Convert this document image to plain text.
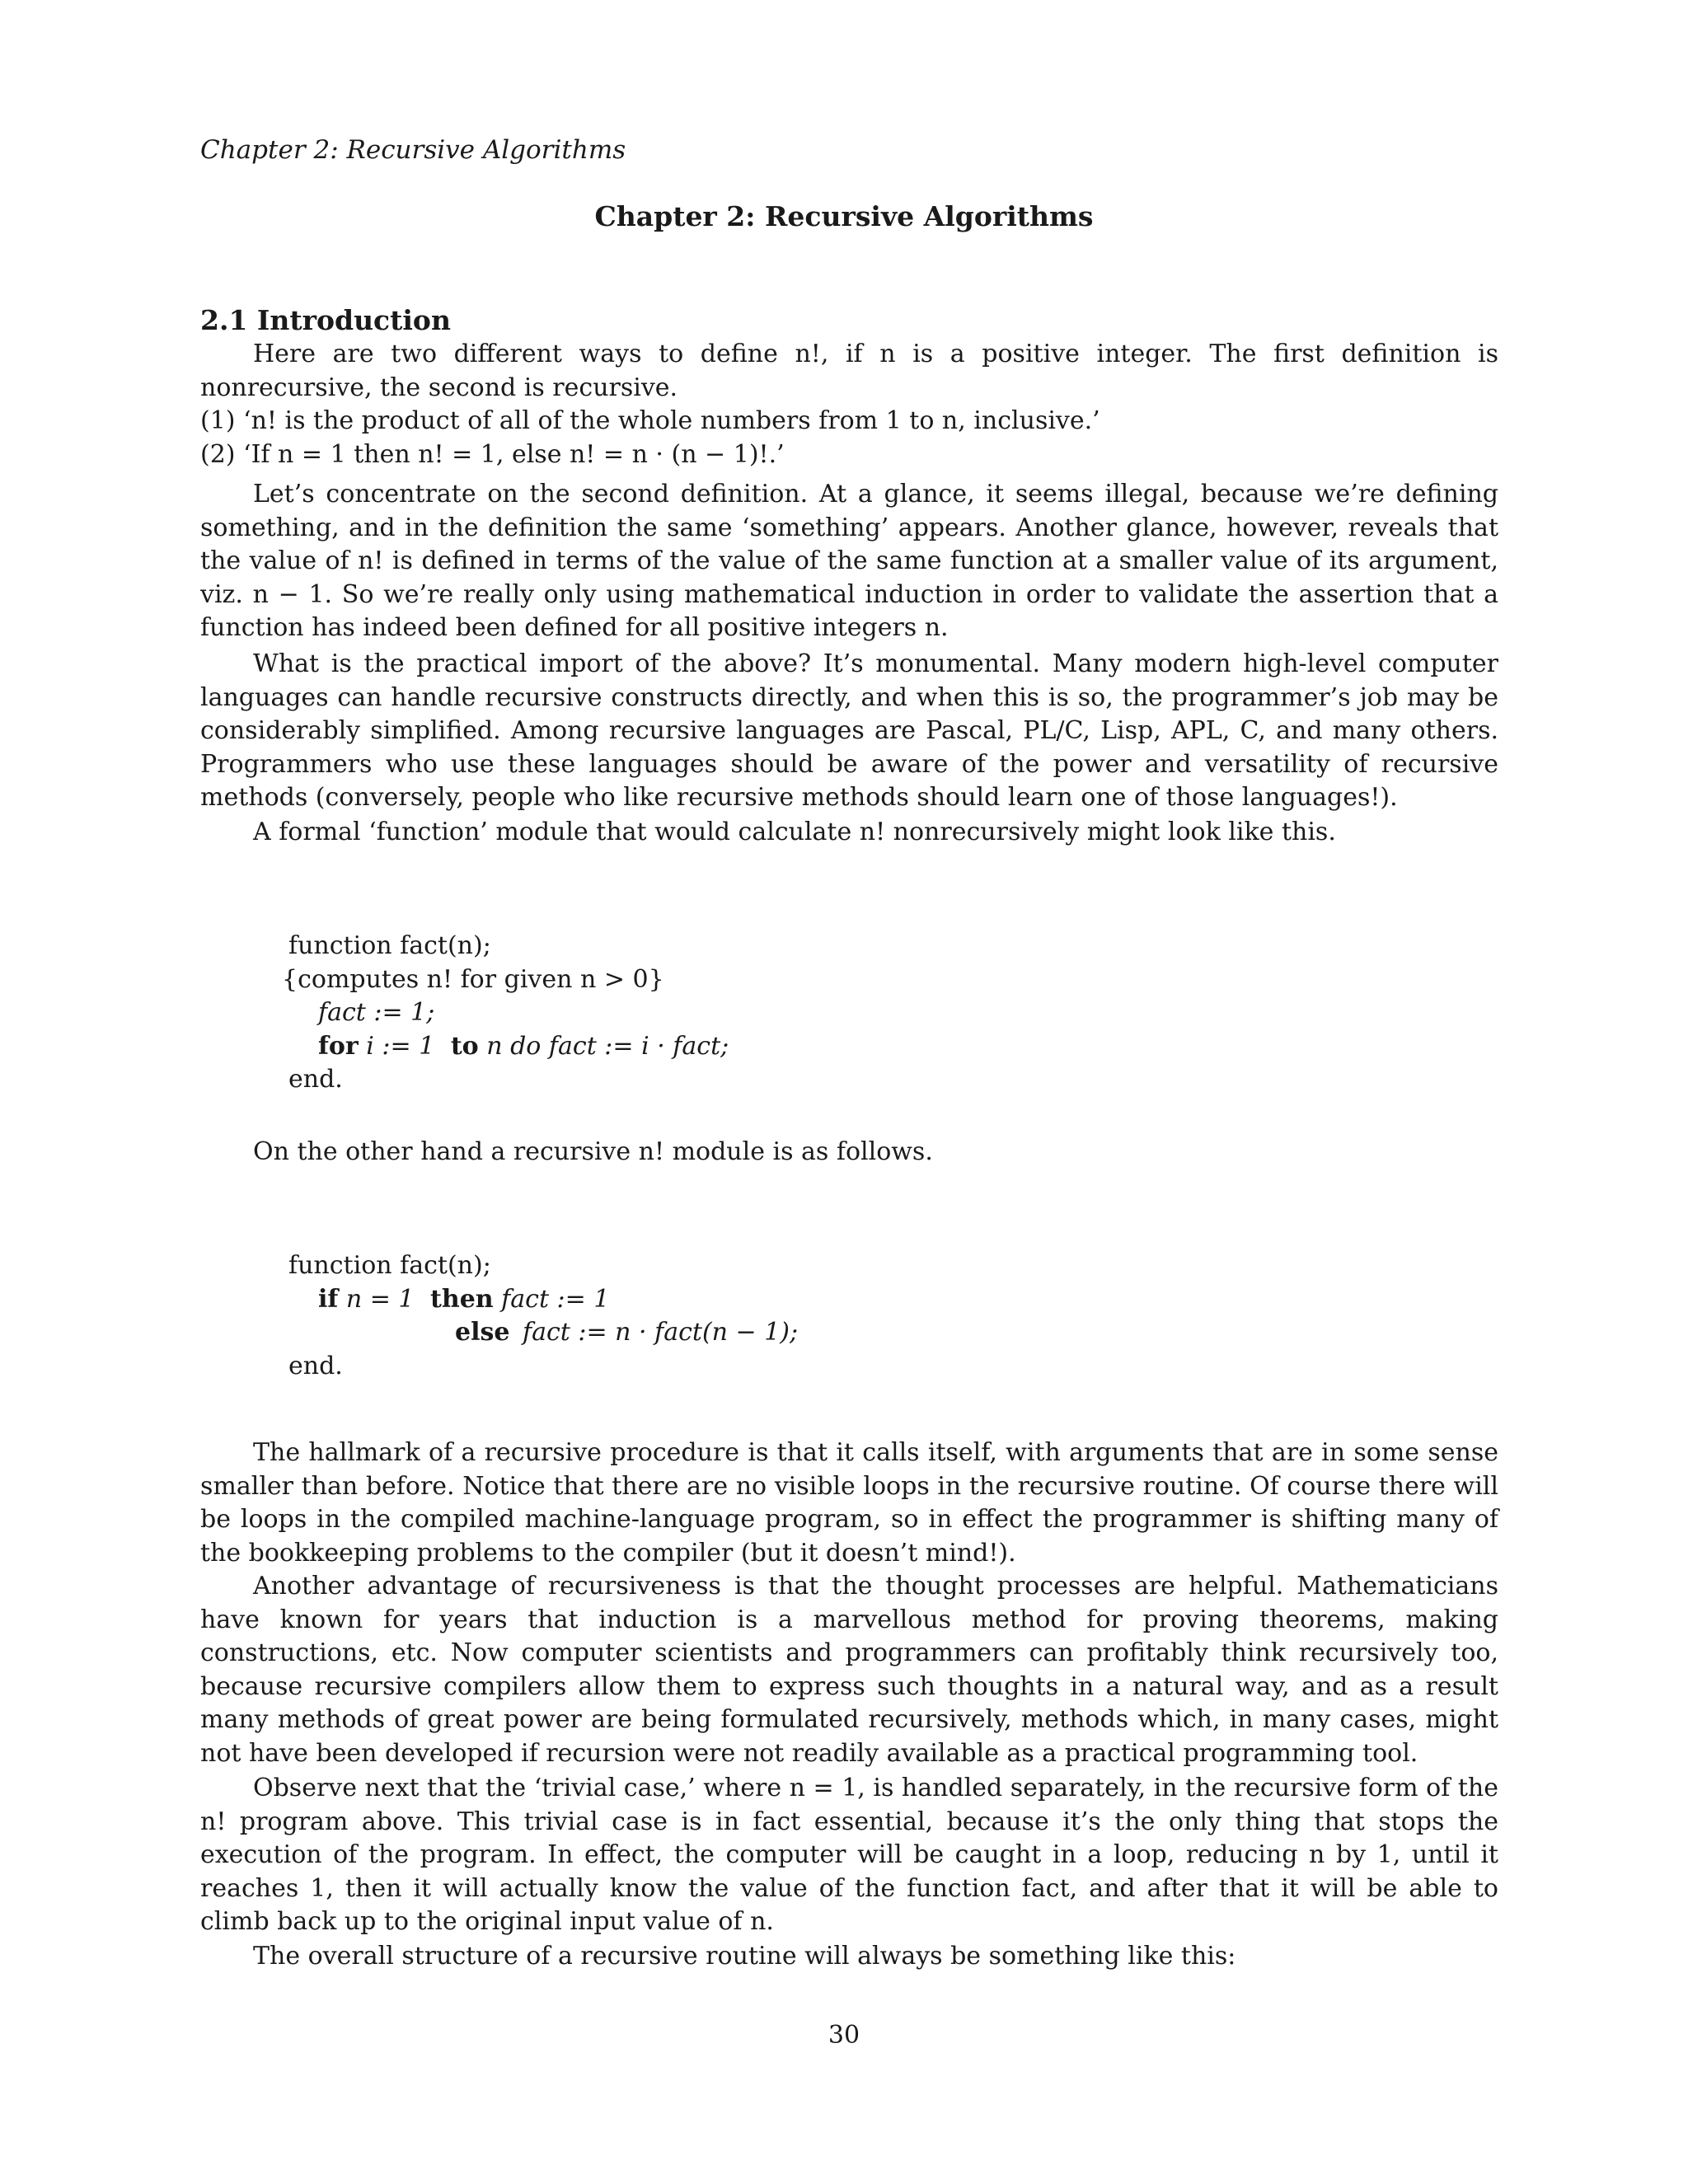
Chapter 2: Recursive Algorithms
Chapter 2: Recursive Algorithms
2.1 Introduction
Here are two different ways to define n!, if n is a positive integer. The first definition is nonrecursive, the second is recursive.
(1) ‘n! is the product of all of the whole numbers from 1 to n, inclusive.’
(2) ‘If n = 1 then n! = 1, else n! = n · (n − 1)!.’
Let’s concentrate on the second definition. At a glance, it seems illegal, because we’re defining something, and in the definition the same ‘something’ appears. Another glance, however, reveals that the value of n! is defined in terms of the value of the same function at a smaller value of its argument, viz. n − 1. So we’re really only using mathematical induction in order to validate the assertion that a function has indeed been defined for all positive integers n.
What is the practical import of the above? It’s monumental. Many modern high-level computer languages can handle recursive constructs directly, and when this is so, the programmer’s job may be considerably simplified. Among recursive languages are Pascal, PL/C, Lisp, APL, C, and many others. Programmers who use these languages should be aware of the power and versatility of recursive methods (conversely, people who like recursive methods should learn one of those languages!).
A formal ‘function’ module that would calculate n! nonrecursively might look like this.
function fact(n);
{computes n! for given n > 0}
fact := 1;
for i := 1 to n do fact := i · fact;
end.
On the other hand a recursive n! module is as follows.
function fact(n);
if n = 1 then fact := 1
else fact := n · fact(n − 1);
end.
The hallmark of a recursive procedure is that it calls itself, with arguments that are in some sense smaller than before. Notice that there are no visible loops in the recursive routine. Of course there will be loops in the compiled machine-language program, so in effect the programmer is shifting many of the bookkeeping problems to the compiler (but it doesn’t mind!).
Another advantage of recursiveness is that the thought processes are helpful. Mathematicians have known for years that induction is a marvellous method for proving theorems, making constructions, etc. Now computer scientists and programmers can profitably think recursively too, because recursive compilers allow them to express such thoughts in a natural way, and as a result many methods of great power are being formulated recursively, methods which, in many cases, might not have been developed if recursion were not readily available as a practical programming tool.
Observe next that the ‘trivial case,’ where n = 1, is handled separately, in the recursive form of the n! program above. This trivial case is in fact essential, because it’s the only thing that stops the execution of the program. In effect, the computer will be caught in a loop, reducing n by 1, until it reaches 1, then it will actually know the value of the function fact, and after that it will be able to climb back up to the original input value of n.
The overall structure of a recursive routine will always be something like this:
30
